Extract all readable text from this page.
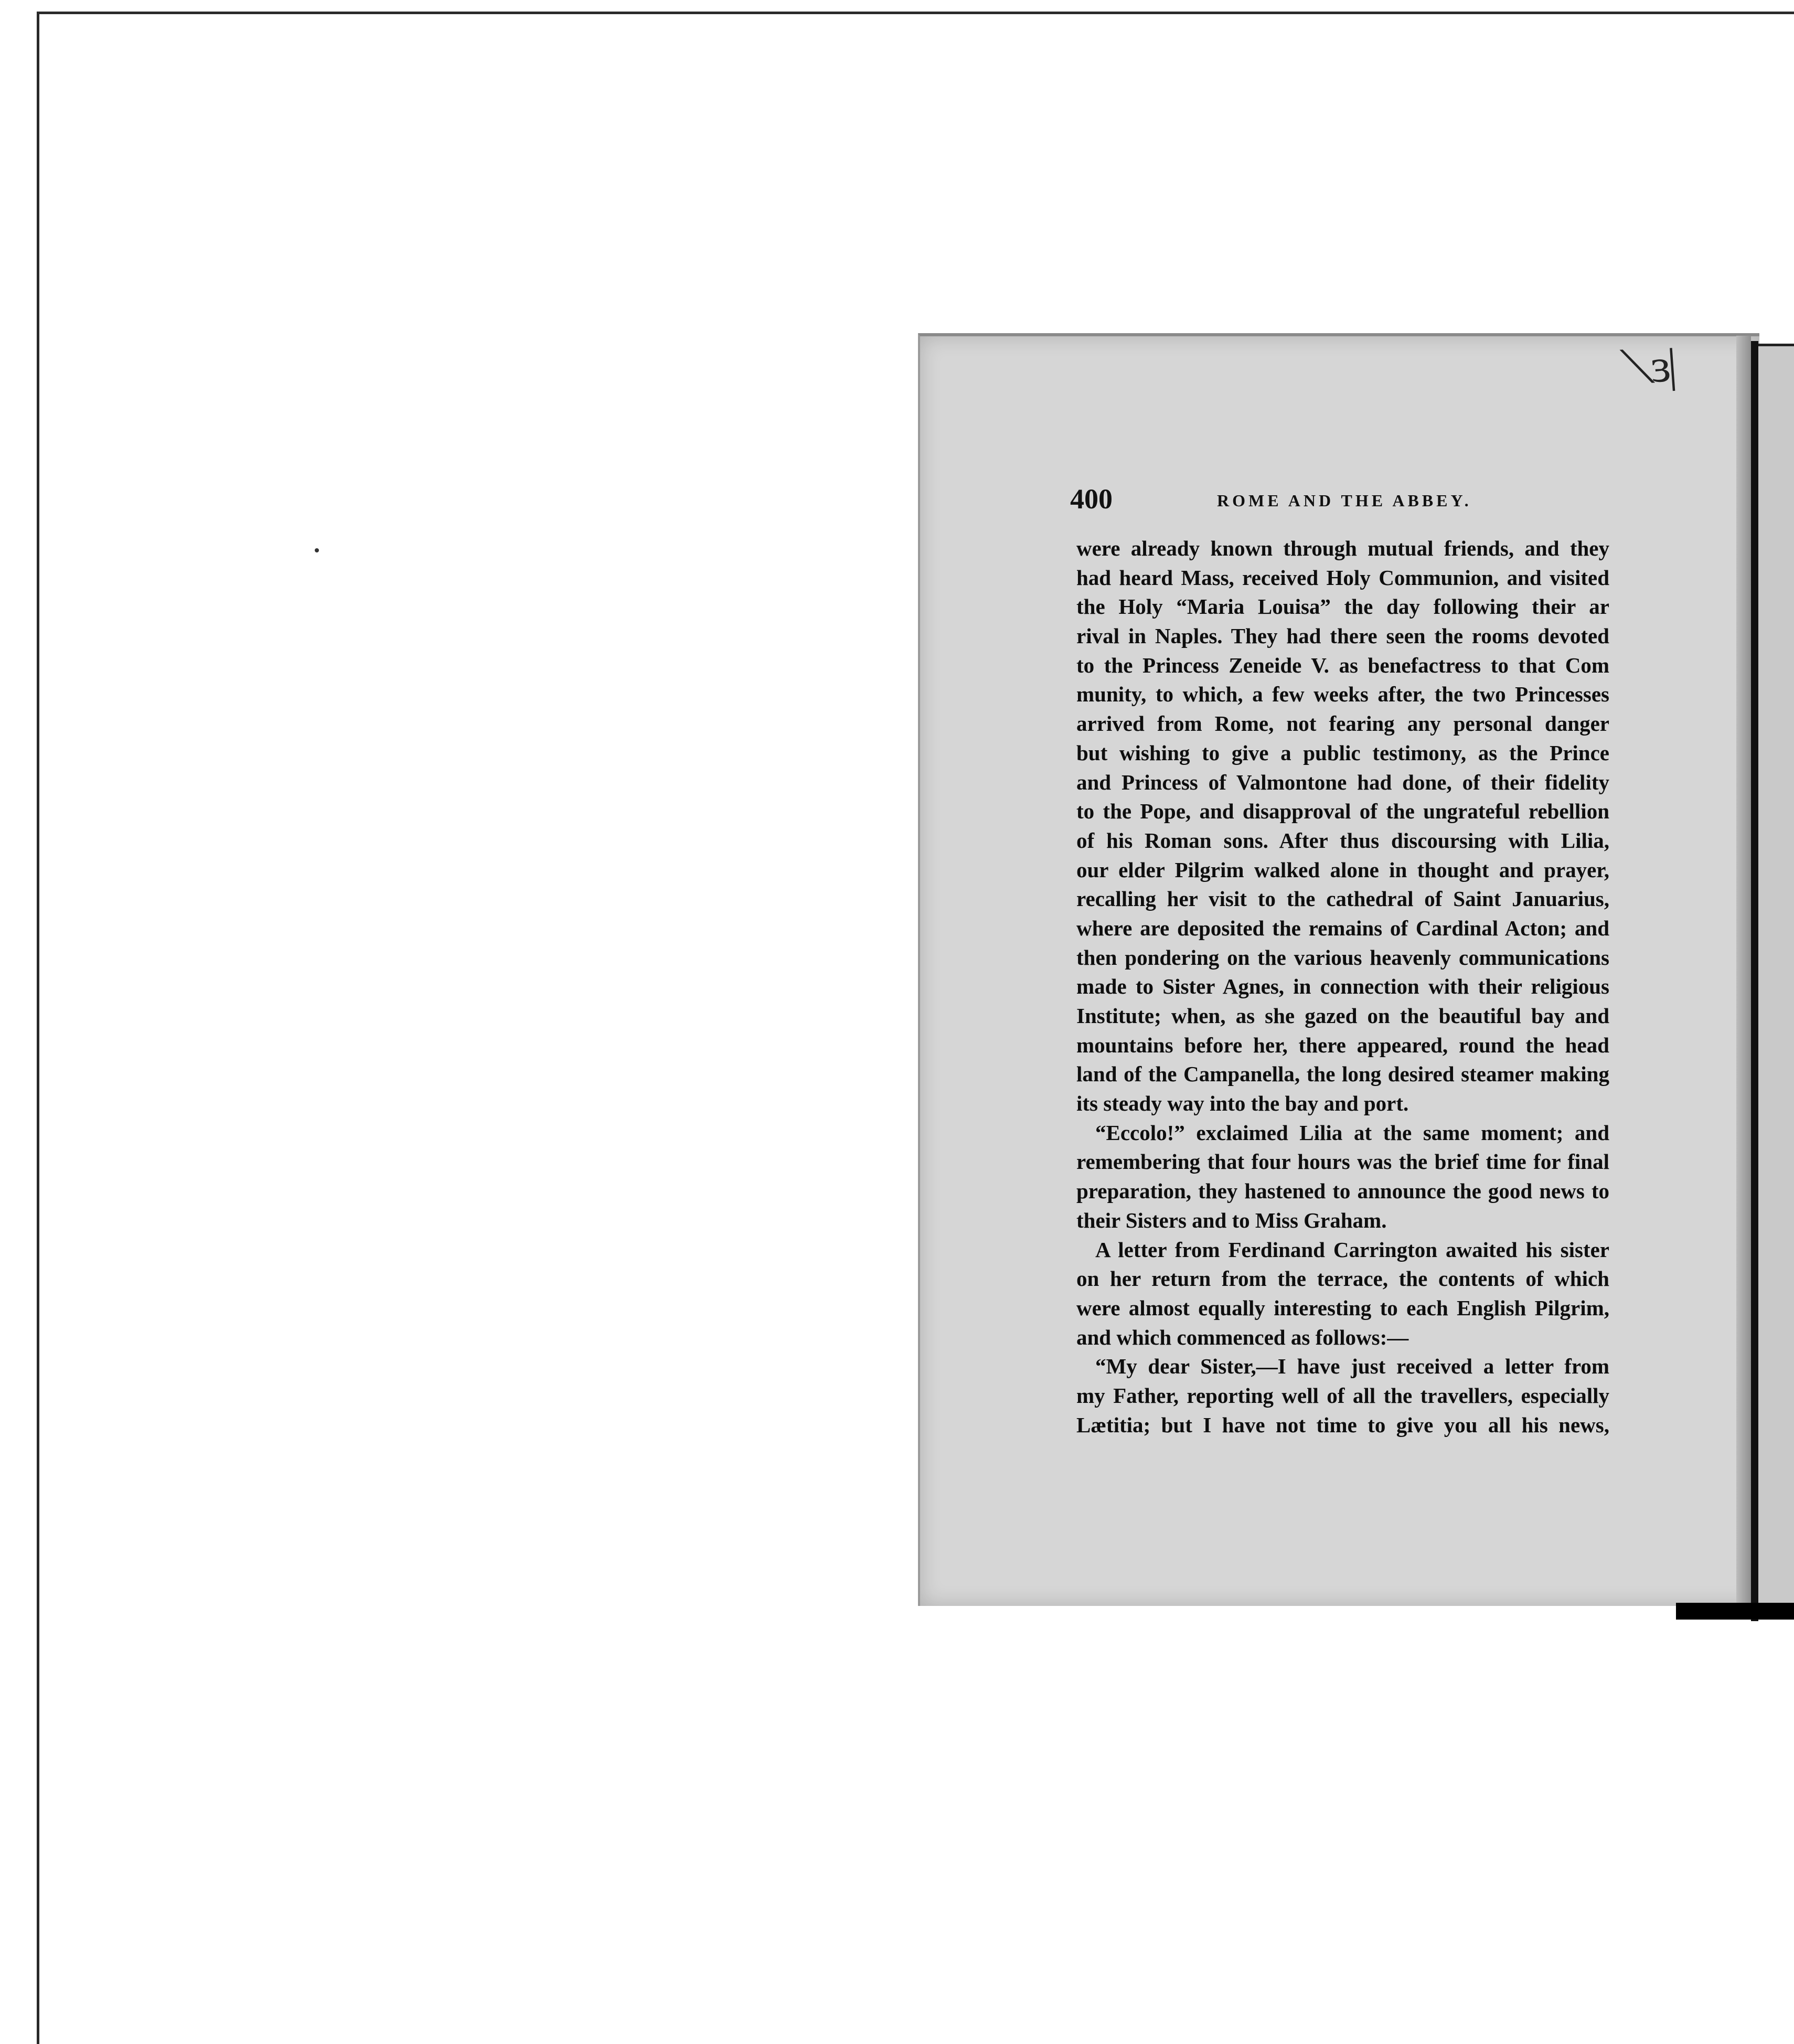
⟍ɜ|
400	ROME AND THE ABBEY.
were already known through mutual friends, and they
had heard Mass, received Holy Communion, and visited
the Holy “Maria Louisa” the day following their ar
rival in Naples. They had there seen the rooms devoted
to the Princess Zeneide V. as benefactress to that Com
munity, to which, a few weeks after, the two Princesses
arrived from Rome, not fearing any personal danger
but wishing to give a public testimony, as the Prince
and Princess of Valmontone had done, of their fidelity
to the Pope, and disapproval of the ungrateful rebellion
of his Roman sons. After thus discoursing with Lilia,
our elder Pilgrim walked alone in thought and prayer,
recalling her visit to the cathedral of Saint Januarius,
where are deposited the remains of Cardinal Acton; and
then pondering on the various heavenly communications
made to Sister Agnes, in connection with their religious
Institute; when, as she gazed on the beautiful bay and
mountains before her, there appeared, round the head
land of the Campanella, the long desired steamer making
its steady way into the bay and port.
“Eccolo!” exclaimed Lilia at the same moment; and
remembering that four hours was the brief time for final
preparation, they hastened to announce the good news to
their Sisters and to Miss Graham.
A letter from Ferdinand Carrington awaited his sister
on her return from the terrace, the contents of which
were almost equally interesting to each English Pilgrim,
and which commenced as follows:—
“My dear Sister,—I have just received a letter from
my Father, reporting well of all the travellers, especially
Lætitia; but I have not time to give you all his news,
